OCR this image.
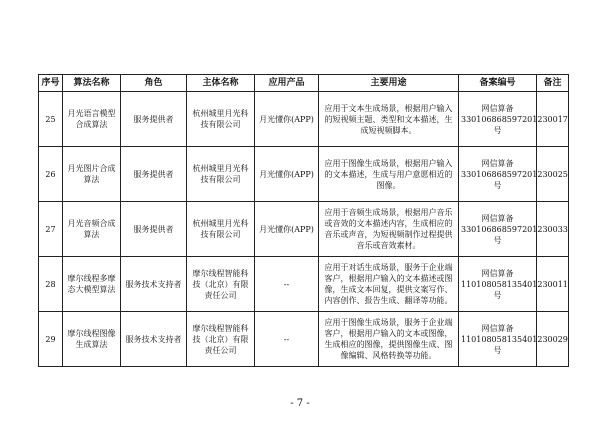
序号	算法名称	角色	主体名称	应用产品	主要用途	备案编号	备注
25	月光语言模型合成算法	服务提供者	杭州城里月光科技有限公司	月光懂你(APP)	应用于文本生成场景，根据用户输入的短视频主题、类型和文本描述，生成短视频脚本。	网信算备330106868597201230017号	
26	月光图片合成算法	服务提供者	杭州城里月光科技有限公司	月光懂你(APP)	应用于图像生成场景，根据用户输入的文本描述，生成与用户意愿相近的图像。	网信算备330106868597201230025号	
27	月光音频合成算法	服务提供者	杭州城里月光科技有限公司	月光懂你(APP)	应用于音频生成场景，根据用户音乐或音效的文本描述内容，生成相应的音乐或声音，为短视频制作过程提供音乐或音效素材。	网信算备330106868597201230033号	
28	摩尔线程多摩态大模型算法	服务技术支持者	摩尔线程智能科技（北京）有限责任公司	--	应用于对话生成场景，服务于企业端客户，根据用户输入的文本描述或图像，生成文本回复，提供文案写作、内容创作、报告生成、翻译等功能。	网信算备110108058135401230011号	
29	摩尔线程图像生成算法	服务技术支持者	摩尔线程智能科技（北京）有限责任公司	--	应用于图像生成场景，服务于企业端客户，根据用户输入的文本或图像，生成相应的图像，提供图像生成、图像编辑、风格转换等功能。	网信算备110108058135401230029号	
- 7 -
